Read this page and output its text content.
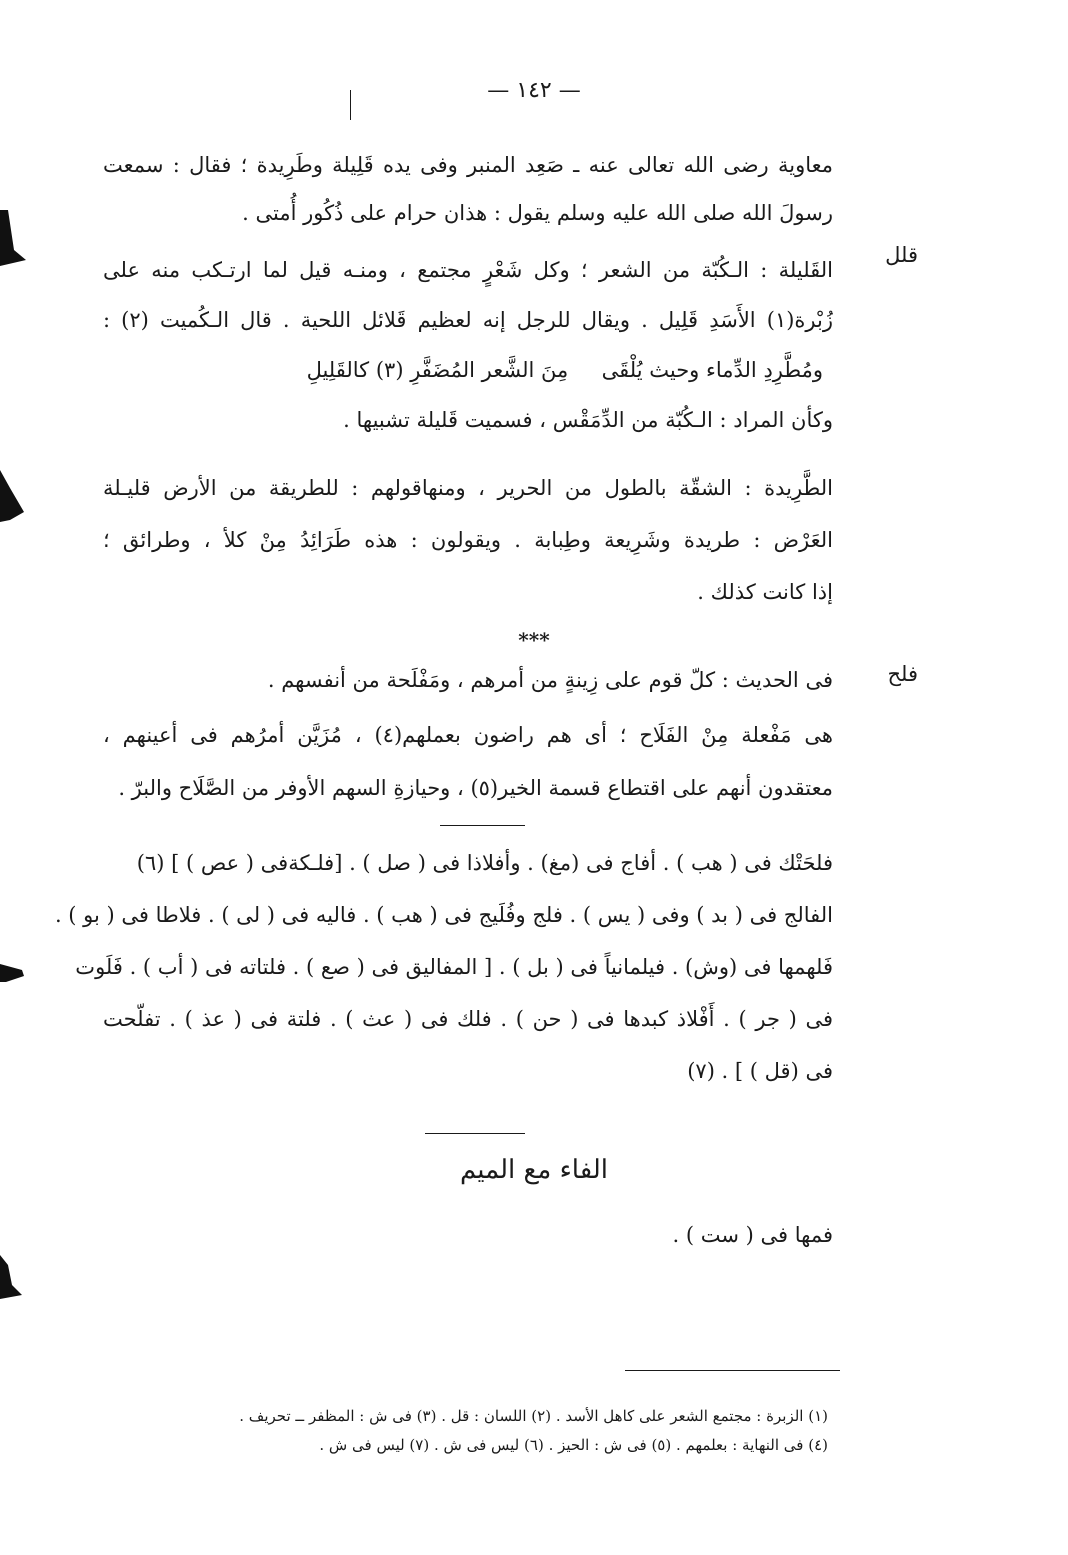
— ١٤٢ —
معاوية رضى الله تعالى عنه ـ صَعِد المنبر وفى يده قَلِيلة وطَرِيدة ؛ فقال : سمعت
رسولَ الله صلى الله عليه وسلم يقول : هذان حرام على ذُكُور أُمتى .
قلل
القَليلة : الـكُبّة من الشعر ؛ وكل شَعْرٍ مجتمع ، ومنـه قيل لما ارتـكب منه على
زُبْرة(١) الأَسَدِ قَلِيل . ويقال للرجل إنه لعظيم قَلائل اللحية . قال الـكُميت (٢) :
ومُطَّرِدِ الدِّماء وحيث يُلْقَى     مِنَ الشَّعر المُضَفَّرِ (٣) كالقَلِيلِ
وكأن المراد : الـكُبّة من الدِّمَقْس ، فسميت قَليلة تشبيها .
الطَّرِيدة : الشقّة بالطول من الحرير ، ومنهاقولهم : للطريقة من الأرض قليـلة
العَرْض : طريدة وشَرِيعة وطِبابة . ويقولون : هذه طَرَائِدُ مِنْ كلأ ، وطرائق ؛
إذا كانت كذلك .
***
فلح
فى الحديث : كلّ قوم على زِينةٍ من أمرهم ، ومَفْلَحة من أنفسهم .
هى مَفْعلة مِنْ الفَلَاح ؛ أى هم راضون بعملهم(٤) ، مُزَيَّن أمرُهم فى أعينهم ،
معتقدون أنهم على اقتطاع قسمة الخير(٥) ، وحيازةِ السهم الأوفر من الصَّلَاح والبرّ .
فلحَتْك فى ( هب ) . أفاج فى (مغ) . وأفلاذا فى ( صل ) . [فلـكةفى ( عص ) ] (٦)
الفالج فى ( بد ) وفى ( يس ) . فلج وفُلَيج فى ( هب ) . فاليه فى ( لى ) . فلاطا فى ( بو ) .
فَلهمها فى (وش) . فيلمانياً فى ( بل ) . [ المفاليق فى ( صع ) . فلتاته فى ( أب ) . فَلَوت
فى ( جر ) . أَفْلاذ كبدها فى ( حن ) . فلك فى ( عث ) . فلتة فى ( عذ ) . تفلّحت
فى (قل ) ] . (٧)
الفاء مع الميم
فمها فى ( ست ) .
(١) الزبرة : مجتمع الشعر على كاهل الأسد . (٢) اللسان : قل . (٣) فى ش : المظفر ــ تحريف .
(٤) فى النهاية : بعلمهم . (٥) فى ش : الحيز . (٦) ليس فى ش . (٧) ليس فى ش .
